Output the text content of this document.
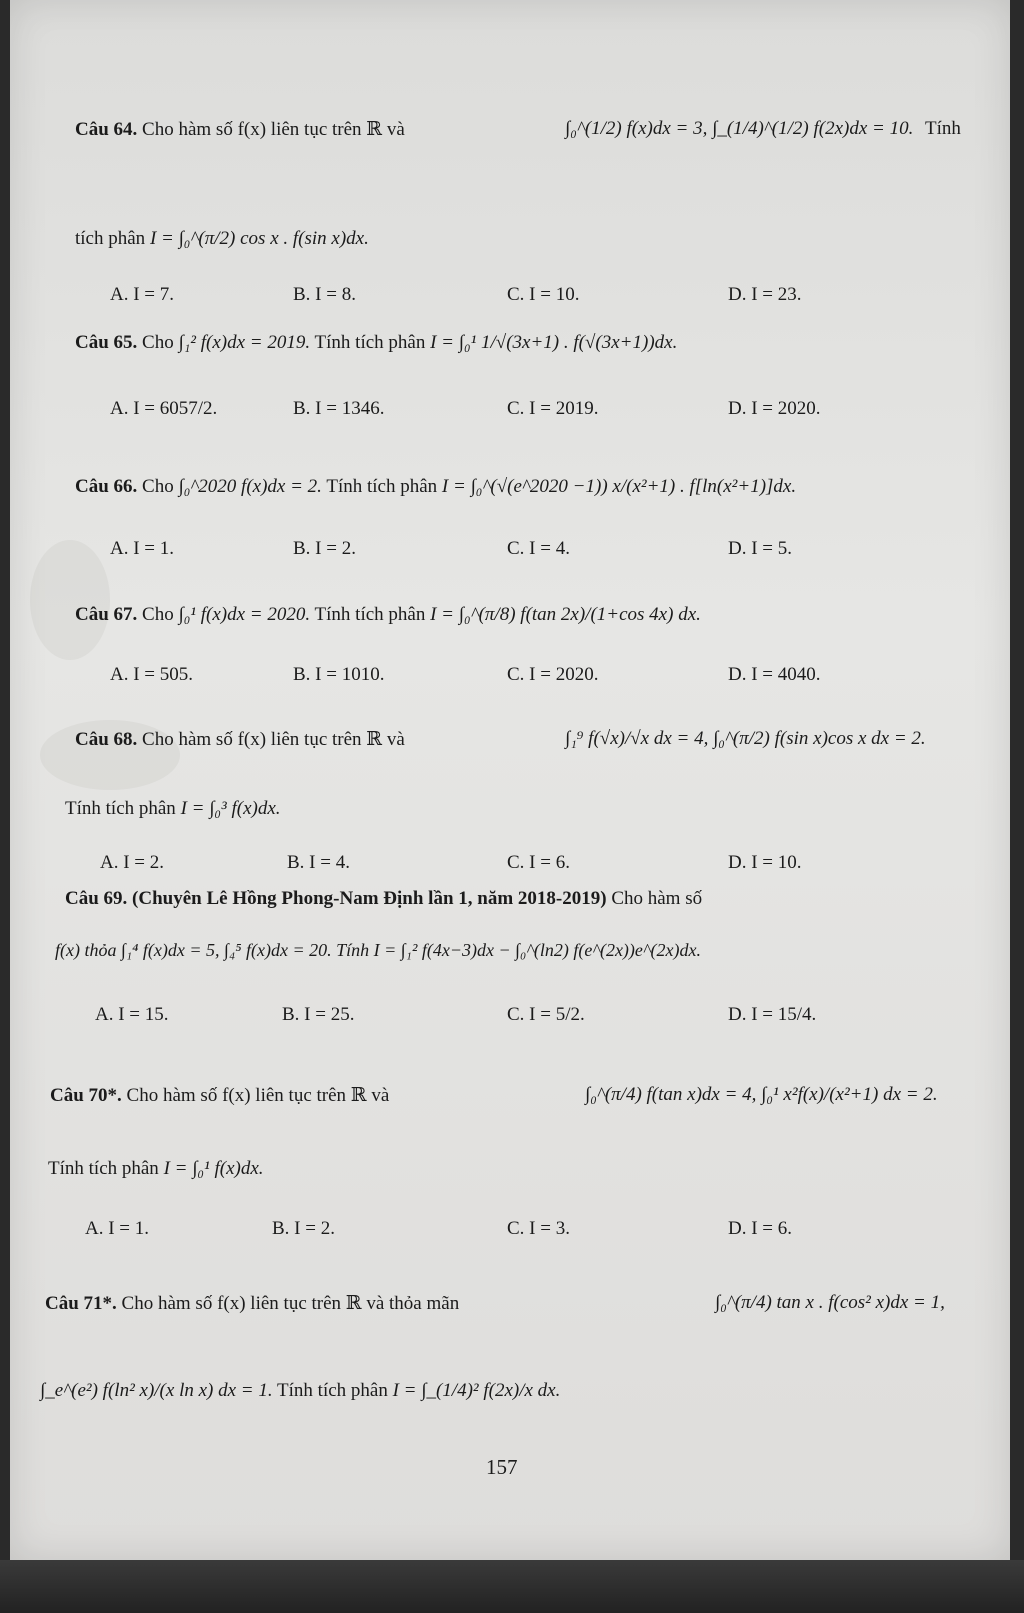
Câu 64. Cho hàm số f(x) liên tục trên ℝ và	∫₀^(1/2) f(x)dx = 3, ∫_(1/4)^(1/2) f(2x)dx = 10. Tính
tích phân I = ∫₀^(π/2) cos x . f(sin x)dx.
A. I = 7.	B. I = 8.	C. I = 10.	D. I = 23.
Câu 65. Cho ∫₁² f(x)dx = 2019. Tính tích phân I = ∫₀¹ 1/√(3x+1) . f(√(3x+1))dx.
A. I = 6057/2.	B. I = 1346.	C. I = 2019.	D. I = 2020.
Câu 66. Cho ∫₀^2020 f(x)dx = 2. Tính tích phân I = ∫₀^(√(e^2020 −1)) x/(x²+1) . f[ln(x²+1)]dx.
A. I = 1.	B. I = 2.	C. I = 4.	D. I = 5.
Câu 67. Cho ∫₀¹ f(x)dx = 2020. Tính tích phân I = ∫₀^(π/8) f(tan 2x)/(1+cos 4x) dx.
A. I = 505.	B. I = 1010.	C. I = 2020.	D. I = 4040.
Câu 68. Cho hàm số f(x) liên tục trên ℝ và	∫₁⁹ f(√x)/√x dx = 4, ∫₀^(π/2) f(sin x)cos x dx = 2.
Tính tích phân I = ∫₀³ f(x)dx.
A. I = 2.	B. I = 4.	C. I = 6.	D. I = 10.
Câu 69. (Chuyên Lê Hồng Phong-Nam Định lần 1, năm 2018-2019) Cho hàm số
f(x) thỏa ∫₁⁴ f(x)dx = 5, ∫₄⁵ f(x)dx = 20. Tính I = ∫₁² f(4x−3)dx − ∫₀^(ln2) f(e^(2x))e^(2x)dx.
A. I = 15.	B. I = 25.	C. I = 5/2.	D. I = 15/4.
Câu 70*. Cho hàm số f(x) liên tục trên ℝ và	∫₀^(π/4) f(tan x)dx = 4, ∫₀¹ x²f(x)/(x²+1) dx = 2.
Tính tích phân I = ∫₀¹ f(x)dx.
A. I = 1.	B. I = 2.	C. I = 3.	D. I = 6.
Câu 71*. Cho hàm số f(x) liên tục trên ℝ và thỏa mãn	∫₀^(π/4) tan x . f(cos² x)dx = 1,
∫_e^(e²) f(ln² x)/(x ln x) dx = 1. Tính tích phân I = ∫_(1/4)² f(2x)/x dx.
157
